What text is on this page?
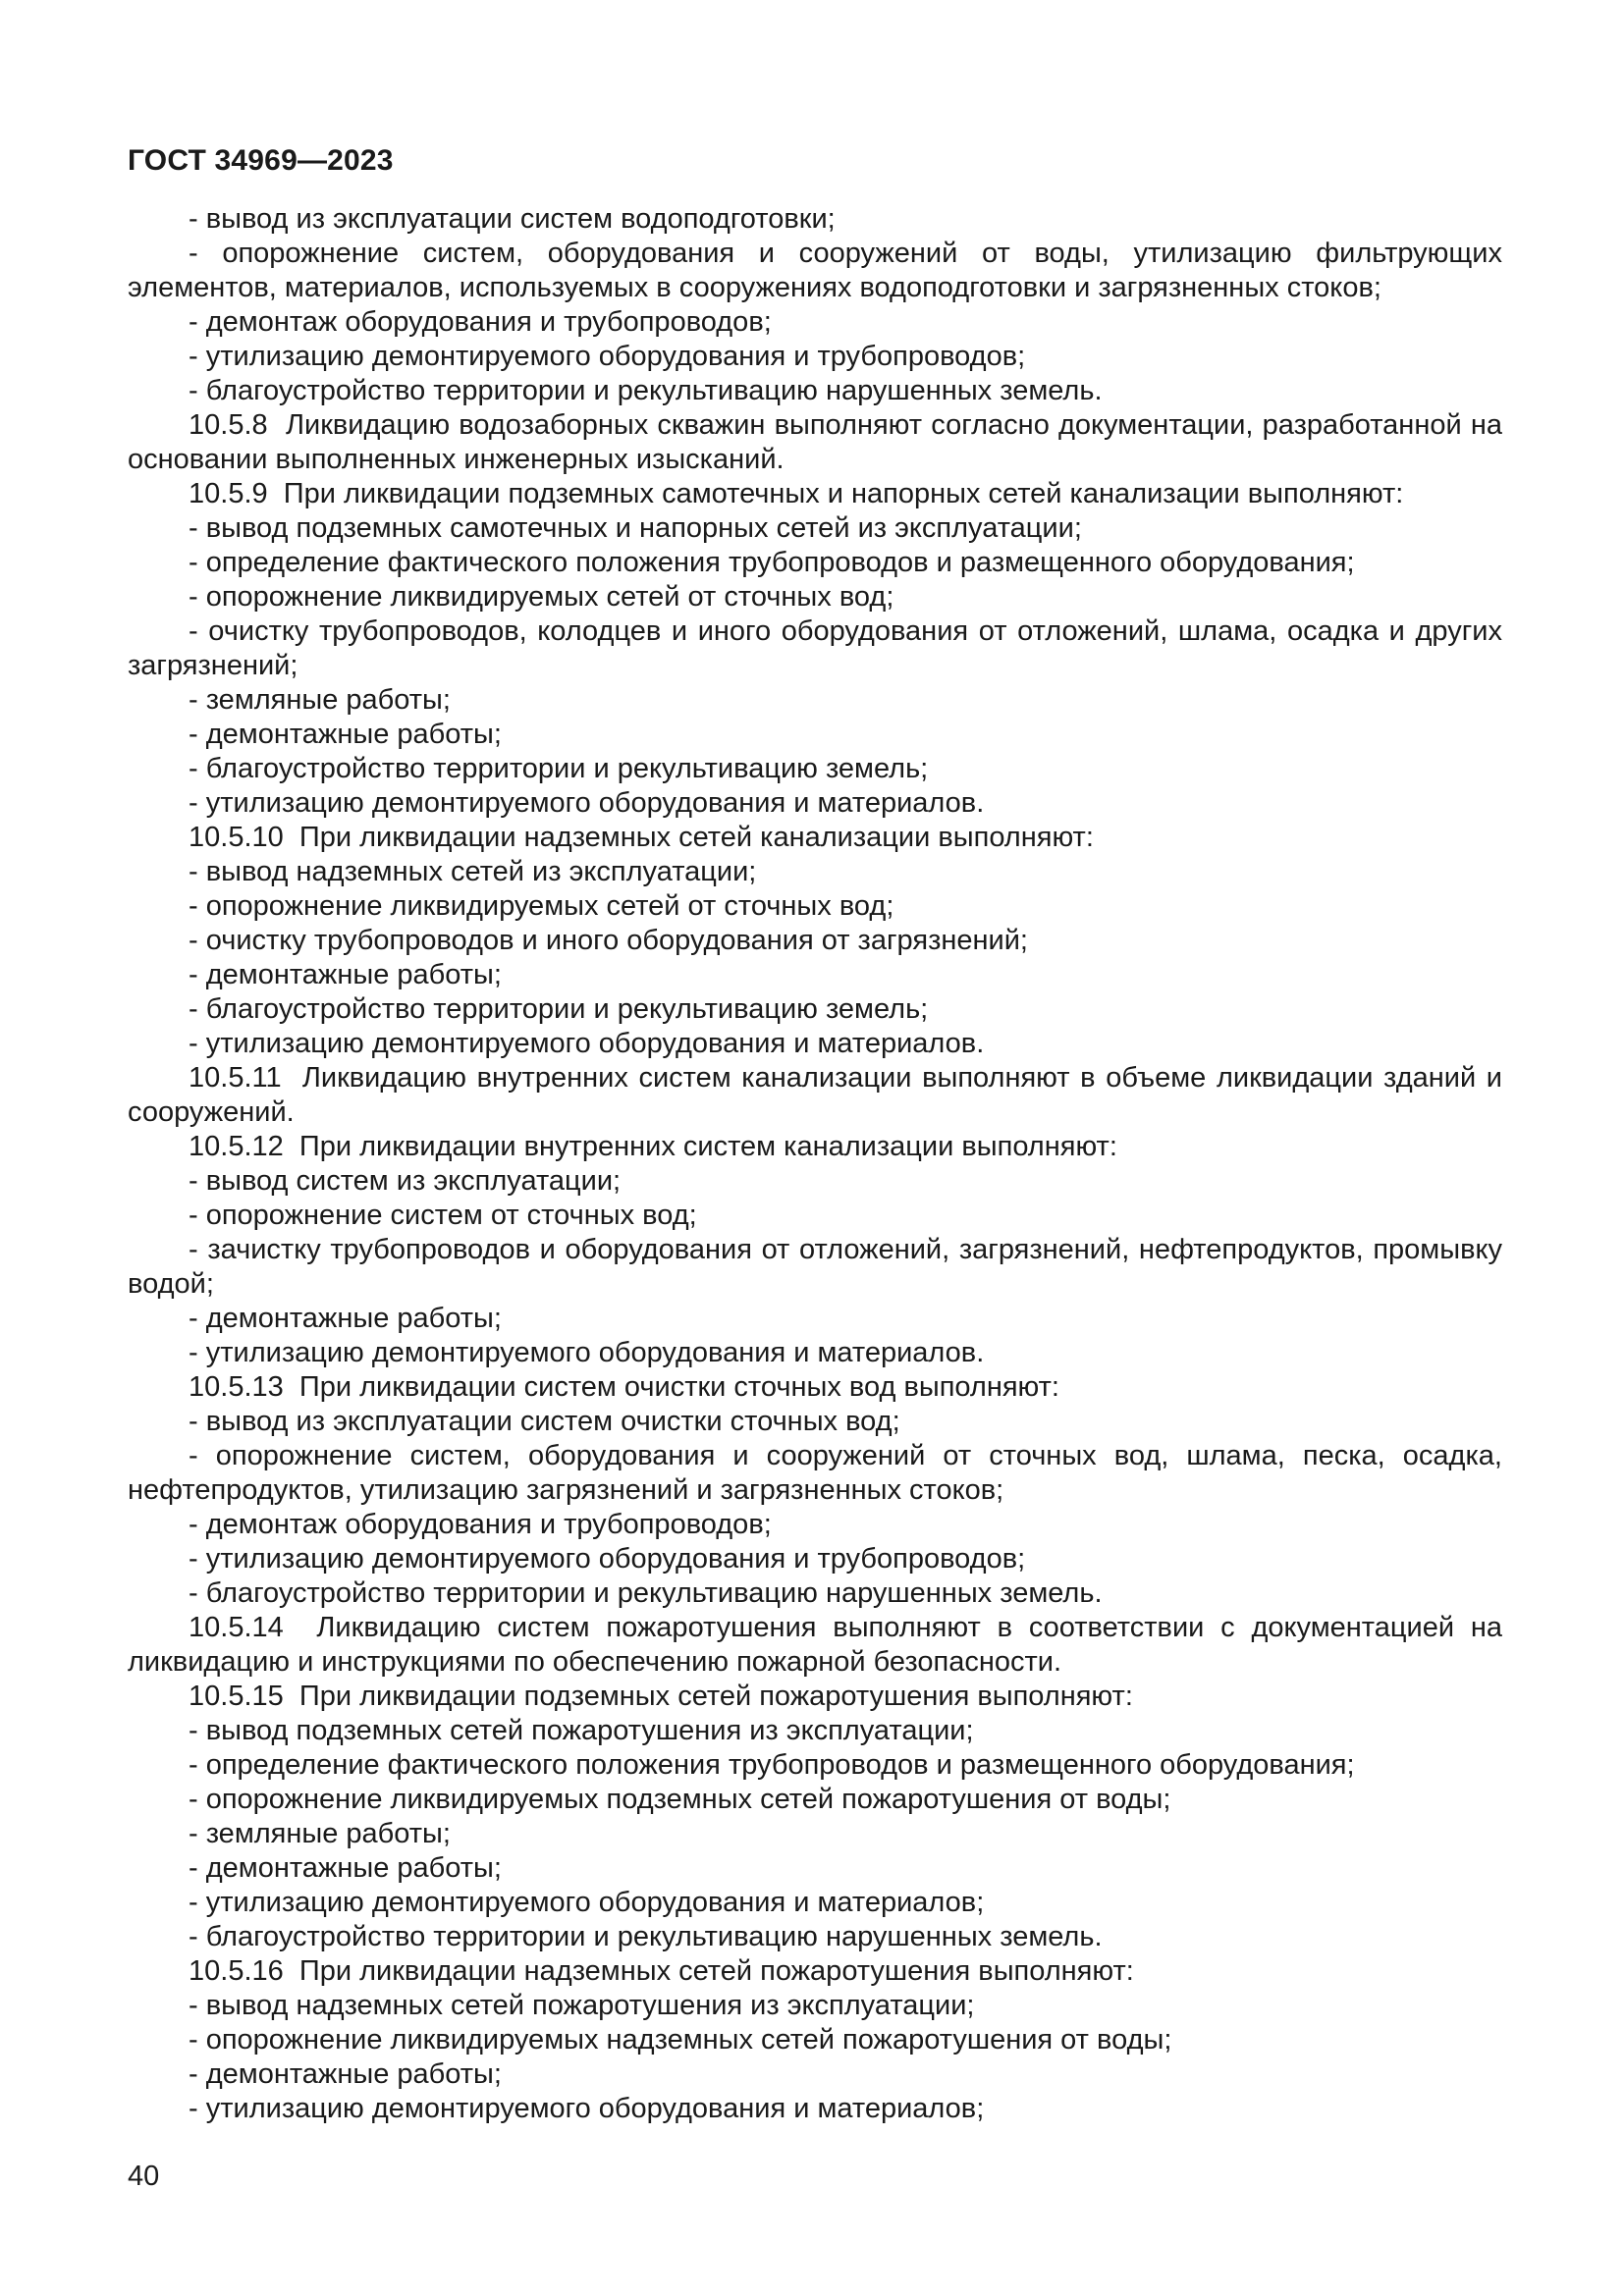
ГОСТ 34969—2023

- вывод из эксплуатации систем водоподготовки;

- опорожнение систем, оборудования и сооружений от воды, утилизацию фильтрующих элементов, материалов, используемых в сооружениях водоподготовки и загрязненных стоков;

- демонтаж оборудования и трубопроводов;

- утилизацию демонтируемого оборудования и трубопроводов;

- благоустройство территории и рекультивацию нарушенных земель.

10.5.8  Ликвидацию водозаборных скважин выполняют согласно документации, разработанной на основании выполненных инженерных изысканий.

10.5.9  При ликвидации подземных самотечных и напорных сетей канализации выполняют:

- вывод подземных самотечных и напорных сетей из эксплуатации;

- определение фактического положения трубопроводов и размещенного оборудования;

- опорожнение ликвидируемых сетей от сточных вод;

- очистку трубопроводов, колодцев и иного оборудования от отложений, шлама, осадка и других загрязнений;

- земляные работы;

- демонтажные работы;

- благоустройство территории и рекультивацию земель;

- утилизацию демонтируемого оборудования и материалов.

10.5.10  При ликвидации надземных сетей канализации выполняют:

- вывод надземных сетей из эксплуатации;

- опорожнение ликвидируемых сетей от сточных вод;

- очистку трубопроводов и иного оборудования от загрязнений;

- демонтажные работы;

- благоустройство территории и рекультивацию земель;

- утилизацию демонтируемого оборудования и материалов.

10.5.11  Ликвидацию внутренних систем канализации выполняют в объеме ликвидации зданий и сооружений.

10.5.12  При ликвидации внутренних систем канализации выполняют:

- вывод систем из эксплуатации;

- опорожнение систем от сточных вод;

- зачистку трубопроводов и оборудования от отложений, загрязнений, нефтепродуктов, промывку водой;

- демонтажные работы;

- утилизацию демонтируемого оборудования и материалов.

10.5.13  При ликвидации систем очистки сточных вод выполняют:

- вывод из эксплуатации систем очистки сточных вод;

- опорожнение систем, оборудования и сооружений от сточных вод, шлама, песка, осадка, нефтепродуктов, утилизацию загрязнений и загрязненных стоков;

- демонтаж оборудования и трубопроводов;

- утилизацию демонтируемого оборудования и трубопроводов;

- благоустройство территории и рекультивацию нарушенных земель.

10.5.14  Ликвидацию систем пожаротушения выполняют в соответствии с документацией на ликвидацию и инструкциями по обеспечению пожарной безопасности.

10.5.15  При ликвидации подземных сетей пожаротушения выполняют:

- вывод подземных сетей пожаротушения из эксплуатации;

- определение фактического положения трубопроводов и размещенного оборудования;

- опорожнение ликвидируемых подземных сетей пожаротушения от воды;

- земляные работы;

- демонтажные работы;

- утилизацию демонтируемого оборудования и материалов;

- благоустройство территории и рекультивацию нарушенных земель.

10.5.16  При ликвидации надземных сетей пожаротушения выполняют:

- вывод надземных сетей пожаротушения из эксплуатации;

- опорожнение ликвидируемых надземных сетей пожаротушения от воды;

- демонтажные работы;

- утилизацию демонтируемого оборудования и материалов;

40
